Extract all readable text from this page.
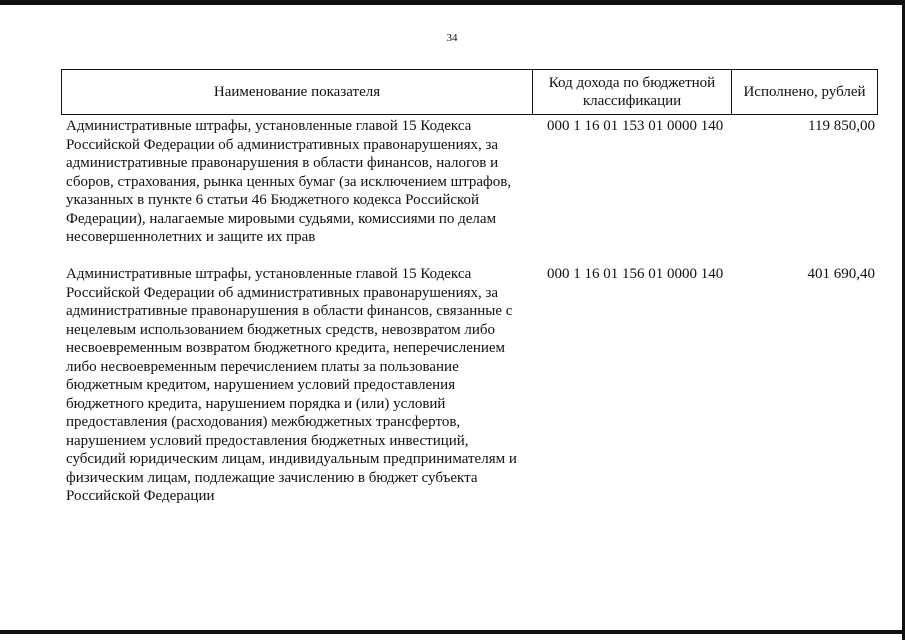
34
Наименование показателя
Код дохода по бюджетной классификации
Исполнено, рублей
Административные штрафы, установленные главой 15 Кодекса
Российской Федерации об административных правонарушениях, за
административные правонарушения в области финансов, налогов и
сборов, страхования, рынка ценных бумаг (за исключением штрафов,
указанных в пункте 6 статьи 46 Бюджетного кодекса Российской
Федерации), налагаемые мировыми судьями, комиссиями по делам
несовершеннолетних и защите их прав
000 1 16 01 153 01 0000 140	119 850,00
Административные штрафы, установленные главой 15 Кодекса
Российской Федерации об административных правонарушениях, за
административные правонарушения в области финансов, связанные с
нецелевым использованием бюджетных средств, невозвратом либо
несвоевременным возвратом бюджетного кредита, неперечислением
либо несвоевременным перечислением платы за пользование
бюджетным кредитом, нарушением условий предоставления
бюджетного кредита, нарушением порядка и (или) условий
предоставления (расходования) межбюджетных трансфертов,
нарушением условий предоставления бюджетных инвестиций,
субсидий юридическим лицам, индивидуальным предпринимателям и
физическим лицам, подлежащие зачислению в бюджет субъекта
Российской Федерации
000 1 16 01 156 01 0000 140	401 690,40
